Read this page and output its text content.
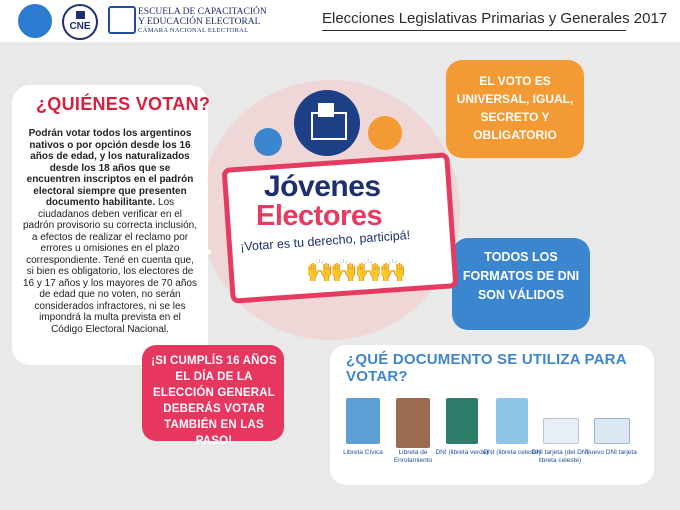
CNE
ESCUELA DE CAPACITACIÓN
Y EDUCACIÓN ELECTORAL
CÁMARA NACIONAL ELECTORAL
Elecciones Legislativas Primarias y Generales 2017
¿QUIÉNES VOTAN?
Podrán votar todos los argentinos nativos o por opción desde los 16 años de edad, y los naturalizados desde los 18 años que se encuentren inscriptos en el padrón electoral siempre que presenten documento habilitante. Los ciudadanos deben verificar en el padrón provisorio su correcta inclusión, a efectos de realizar el reclamo por errores u omisiones en el plazo correspondiente. Tené en cuenta que, si bien es obligatorio, los electores de 16 y 17 años y los mayores de 70 años de edad que no voten, no serán considerados infractores, ni se les impondrá la multa prevista en el Código Electoral Nacional.
¡SI CUMPLÍS 16 AÑOS EL DÍA DE LA ELECCIÓN GENERAL DEBERÁS VOTAR TAMBIÉN EN LAS PASO!
EL VOTO ES UNIVERSAL, IGUAL, SECRETO Y OBLIGATORIO
TODOS LOS FORMATOS DE DNI SON VÁLIDOS
Jóvenes
Electores
¡Votar es tu derecho, participá!
🙌🙌🙌🙌
¿QUÉ DOCUMENTO SE UTILIZA PARA VOTAR?
Libreta Cívica	Libreta de Enrolamiento
DNI (libreta verde)
DNI (libreta celeste)
DNI tarjeta (del DNI libreta celeste)
Nuevo DNI tarjeta
